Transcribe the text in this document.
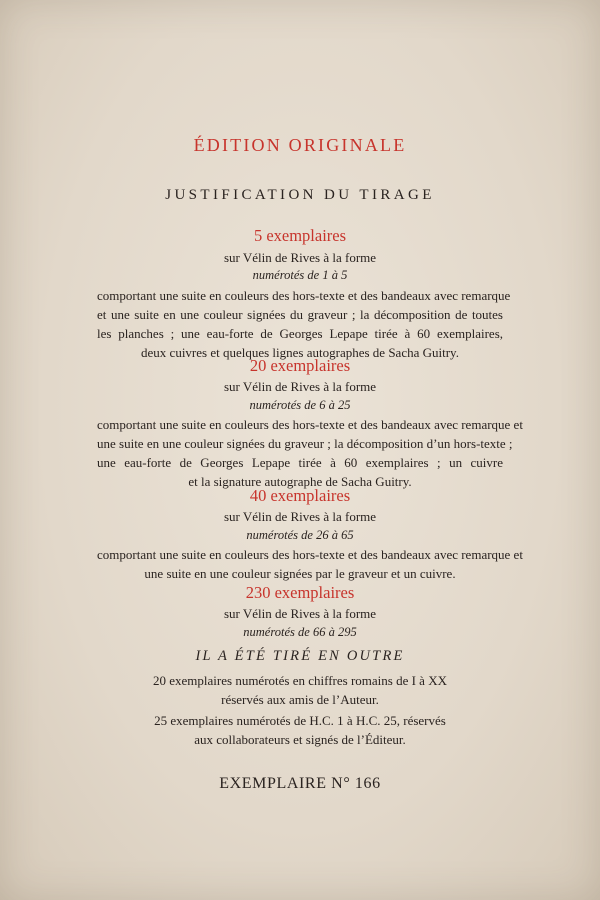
ÉDITION ORIGINALE
JUSTIFICATION DU TIRAGE
5 exemplaires
sur Vélin de Rives à la forme
numérotés de 1 à 5
comportant une suite en couleurs des hors-texte et des bandeaux avec remarque
et une suite en une couleur signées du graveur ; la décomposition de toutes
les planches ; une eau-forte de Georges Lepape tirée à 60 exemplaires,
deux cuivres et quelques lignes autographes de Sacha Guitry.
20 exemplaires
sur Vélin de Rives à la forme
numérotés de 6 à 25
comportant une suite en couleurs des hors-texte et des bandeaux avec remarque et
une suite en une couleur signées du graveur ; la décomposition d’un hors-texte ;
une eau-forte de Georges Lepape tirée à 60 exemplaires ; un cuivre
et la signature autographe de Sacha Guitry.
40 exemplaires
sur Vélin de Rives à la forme
numérotés de 26 à 65
comportant une suite en couleurs des hors-texte et des bandeaux avec remarque et
une suite en une couleur signées par le graveur et un cuivre.
230 exemplaires
sur Vélin de Rives à la forme
numérotés de 66 à 295
IL A ÉTÉ TIRÉ EN OUTRE
20 exemplaires numérotés en chiffres romains de I à XX
réservés aux amis de l’Auteur.
25 exemplaires numérotés de H.C. 1 à H.C. 25, réservés
aux collaborateurs et signés de l’Éditeur.
EXEMPLAIRE N° 166
